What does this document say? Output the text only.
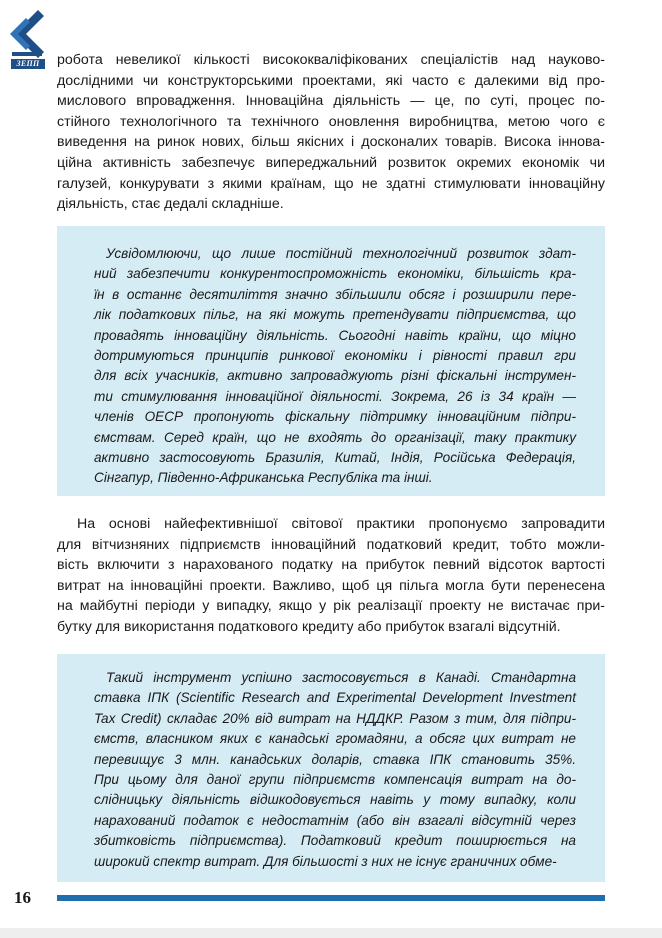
ЗЕПП	робота невеликої кількості висококваліфікованих спеціалістів над науково-
дослідними чи конструкторськими проектами, які часто є далекими від про-
мислового впровадження. Інноваційна діяльність — це, по суті, процес по-
стійного технологічного та технічного оновлення виробництва, метою чого є
виведення на ринок нових, більш якісних і досконалих товарів. Висока іннова-
ційна активність забезпечує випереджальний розвиток окремих економік чи
галузей, конкурувати з якими країнам, що не здатні стимулювати інноваційну
діяльність, стає дедалі складніше.
Усвідомлюючи, що лише постійний технологічний розвиток здат-
ний забезпечити конкурентоспроможність економіки, більшість кра-
їн в останнє десятиліття значно збільшили обсяг і розширили пере-
лік податкових пільг, на які можуть претендувати підприємства, що
провадять інноваційну діяльність. Сьогодні навіть країни, що міцно
дотримуються принципів ринкової економіки і рівності правил гри
для всіх учасників, активно запроваджують різні фіскальні інструмен-
ти стимулювання інноваційної діяльності. Зокрема, 26 із 34 країн —
членів ОЕСР пропонують фіскальну підтримку інноваційним підпри-
ємствам. Серед країн, що не входять до організації, таку практику
активно застосовують Бразилія, Китай, Індія, Російська Федерація,
Сінгапур, Південно-Африканська Республіка та інші.
На основі найефективнішої світової практики пропонуємо запровадити
для вітчизняних підприємств інноваційний податковий кредит, тобто можли-
вість включити з нарахованого податку на прибуток певний відсоток вартості
витрат на інноваційні проекти. Важливо, щоб ця пільга могла бути перенесена
на майбутні періоди у випадку, якщо у рік реалізації проекту не вистачає при-
бутку для використання податкового кредиту або прибуток взагалі відсутній.
Такий інструмент успішно застосовується в Канаді. Стандартна
ставка ІПК (Scientific Research and Experimental Development Investment
Tax Credit) складає 20% від витрат на НДДКР. Разом з тим, для підпри-
ємств, власником яких є канадські громадяни, а обсяг цих витрат не
перевищує 3 млн. канадських доларів, ставка ІПК становить 35%.
При цьому для даної групи підприємств компенсація витрат на до-
слідницьку діяльність відшкодовується навіть у тому випадку, коли
нарахований податок є недостатнім (або він взагалі відсутній через
збитковість підприємства). Податковий кредит поширюється на
широкий спектр витрат. Для більшості з них не існує граничних обме-
16
